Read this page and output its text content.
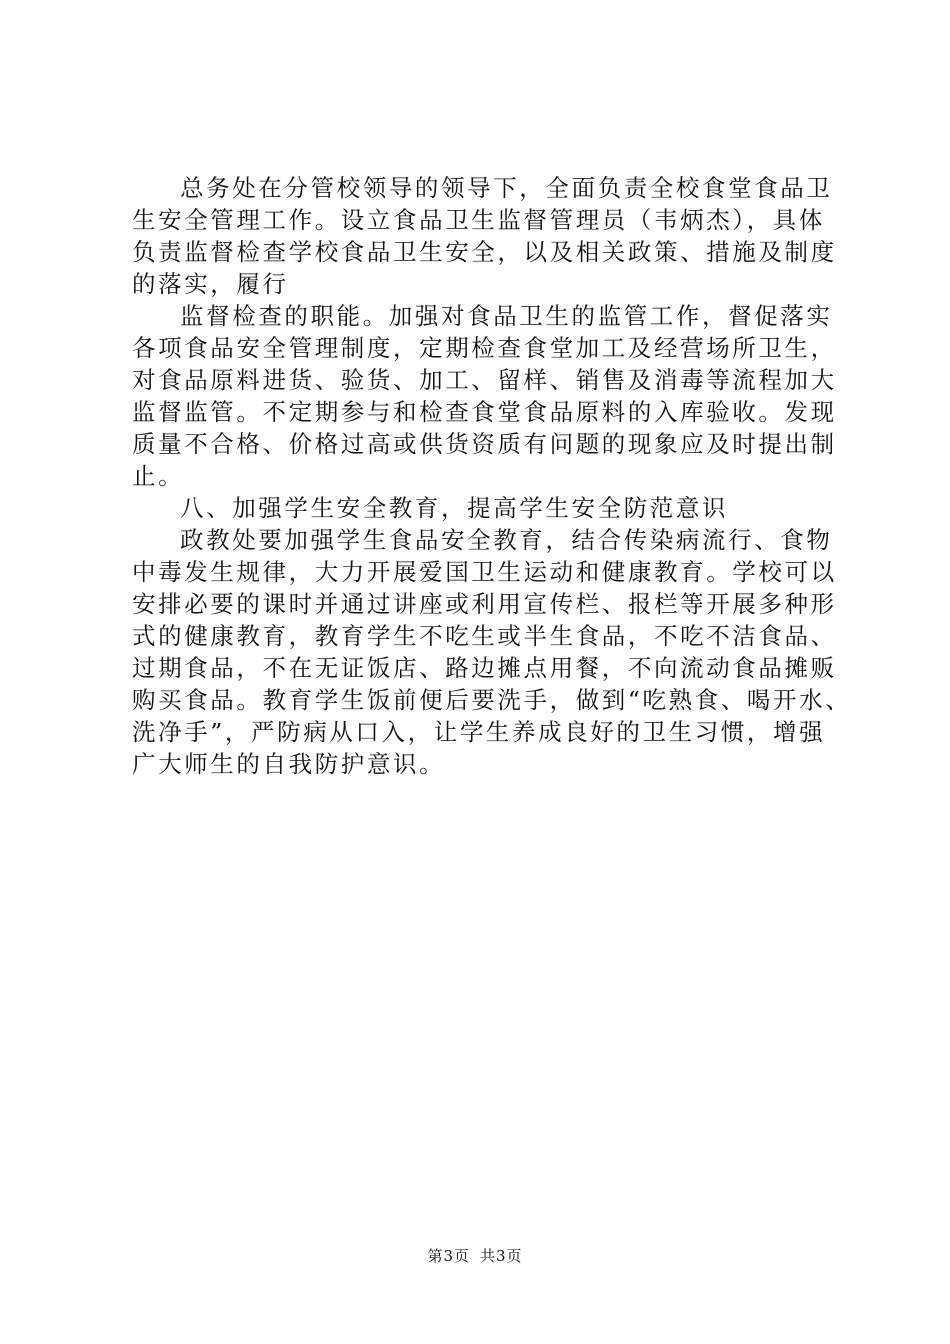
总务处在分管校领导的领导下，全面负责全校食堂食品卫
生安全管理工作。设立食品卫生监督管理员（韦炳杰），具体
负责监督检查学校食品卫生安全，以及相关政策、措施及制度
的落实，履行
监督检查的职能。加强对食品卫生的监管工作，督促落实
各项食品安全管理制度，定期检查食堂加工及经营场所卫生，
对食品原料进货、验货、加工、留样、销售及消毒等流程加大
监督监管。不定期参与和检查食堂食品原料的入库验收。发现
质量不合格、价格过高或供货资质有问题的现象应及时提出制
止。
八、加强学生安全教育，提高学生安全防范意识
政教处要加强学生食品安全教育，结合传染病流行、食物
中毒发生规律，大力开展爱国卫生运动和健康教育。学校可以
安排必要的课时并通过讲座或利用宣传栏、报栏等开展多种形
式的健康教育，教育学生不吃生或半生食品，不吃不洁食品、
过期食品，不在无证饭店、路边摊点用餐，不向流动食品摊贩
购买食品。教育学生饭前便后要洗手，做到“吃熟食、喝开水、
洗净手”，严防病从口入，让学生养成良好的卫生习惯，增强
广大师生的自我防护意识。
第3页 共3页
